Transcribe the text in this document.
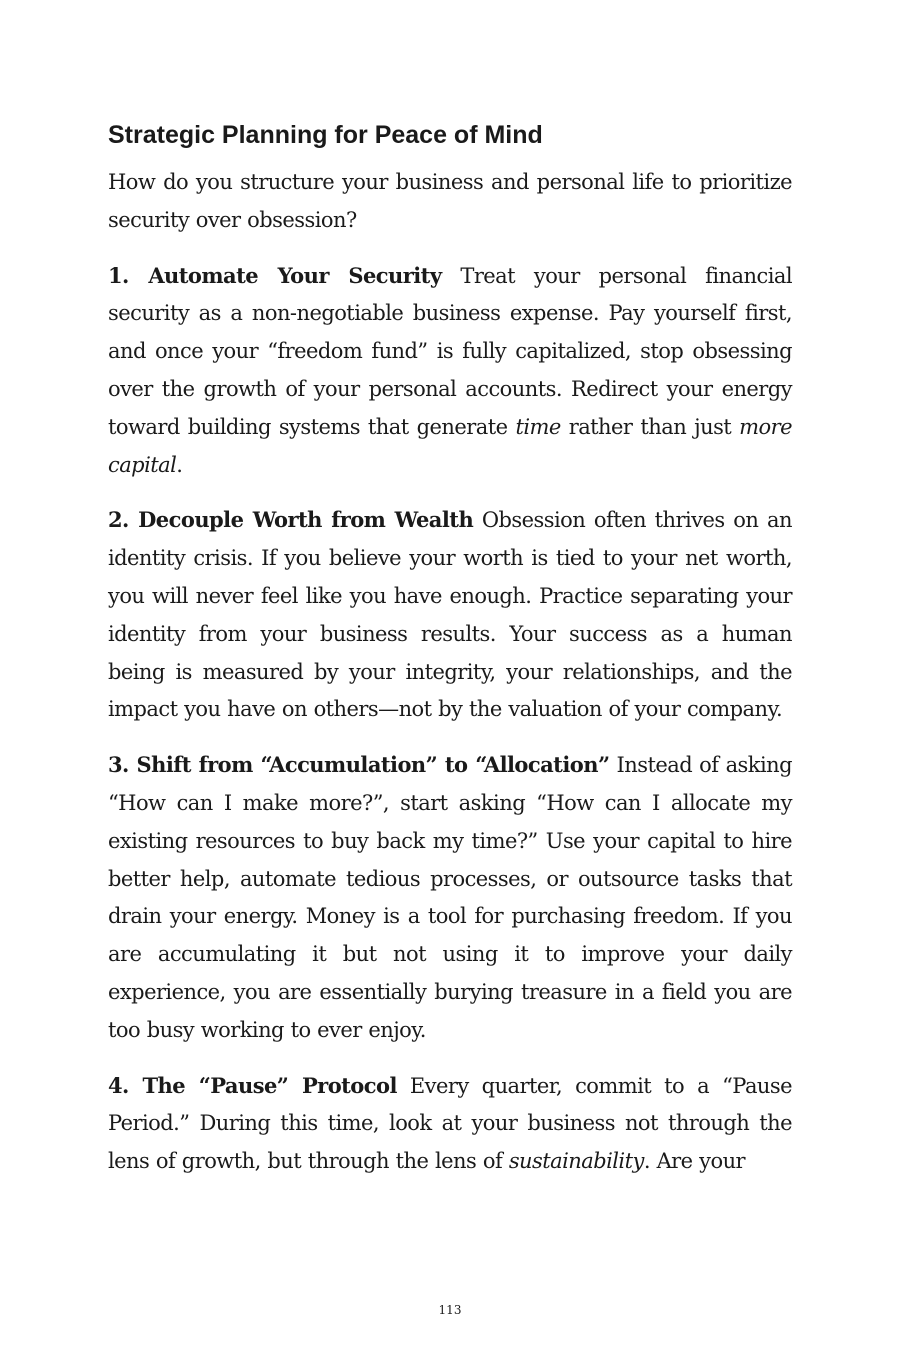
Strategic Planning for Peace of Mind

How do you structure your business and personal life to prioritize security over obsession?

1. Automate Your Security Treat your personal financial security as a non-negotiable business expense. Pay yourself first, and once your “freedom fund” is fully capitalized, stop obsessing over the growth of your personal accounts. Redirect your energy toward building systems that generate time rather than just more capital.

2. Decouple Worth from Wealth Obsession often thrives on an identity crisis. If you believe your worth is tied to your net worth, you will never feel like you have enough. Practice separating your identity from your business results. Your success as a human being is measured by your integrity, your relationships, and the impact you have on others—not by the valuation of your company.

3. Shift from “Accumulation” to “Allocation” Instead of asking “How can I make more?”, start asking “How can I allocate my existing resources to buy back my time?” Use your capital to hire better help, automate tedious processes, or outsource tasks that drain your energy. Money is a tool for purchasing freedom. If you are accumulating it but not using it to improve your daily experience, you are essentially burying treasure in a field you are too busy working to ever enjoy.

4. The “Pause” Protocol Every quarter, commit to a “Pause Period.” During this time, look at your business not through the lens of growth, but through the lens of sustainability. Are your

113
